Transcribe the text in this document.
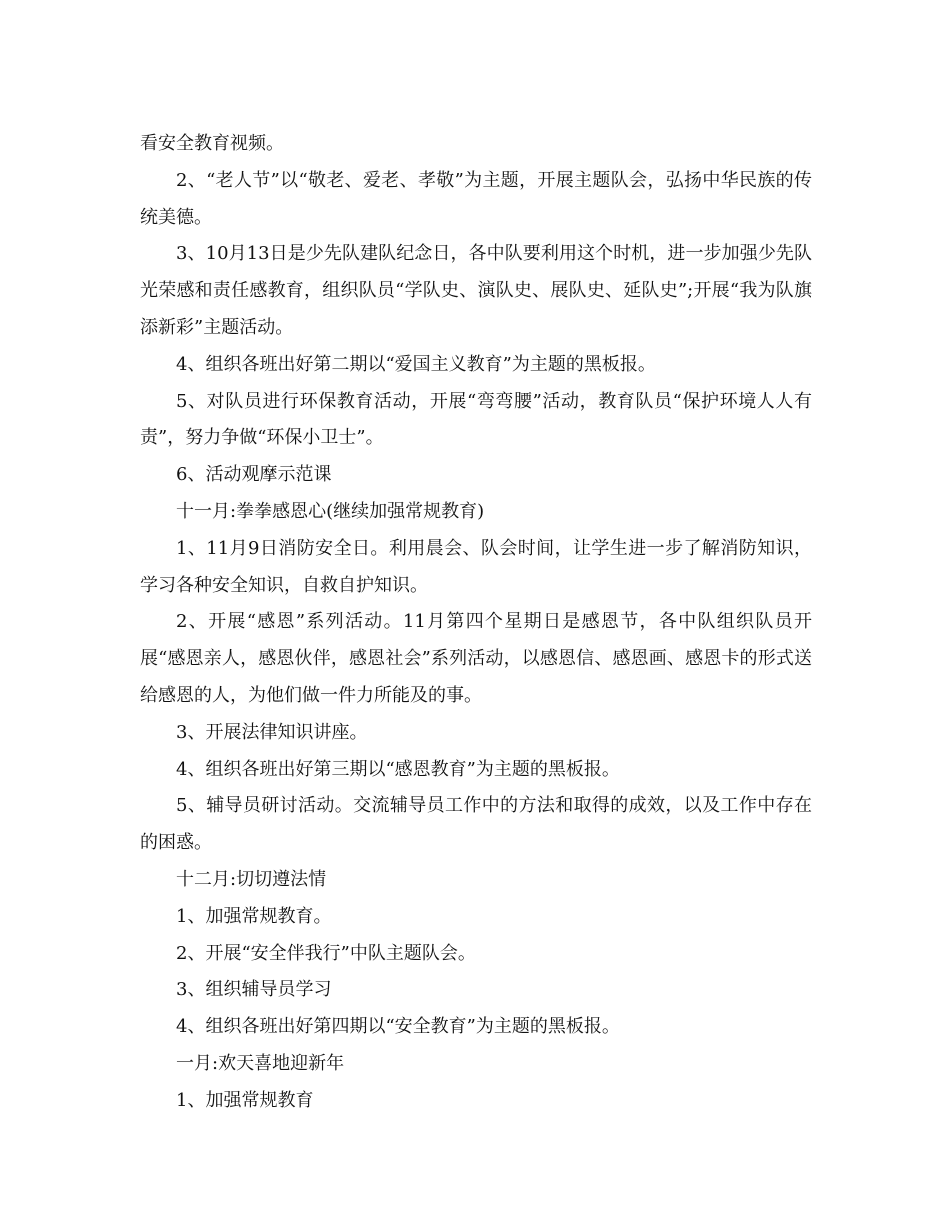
看安全教育视频。

2、“老人节”以“敬老、爱老、孝敬”为主题，开展主题队会，弘扬中华民族的传统美德。

3、10月13日是少先队建队纪念日，各中队要利用这个时机，进一步加强少先队光荣感和责任感教育，组织队员“学队史、演队史、展队史、延队史”;开展“我为队旗添新彩”主题活动。

4、组织各班出好第二期以“爱国主义教育”为主题的黑板报。

5、对队员进行环保教育活动，开展“弯弯腰”活动，教育队员“保护环境人人有责”，努力争做“环保小卫士”。

6、活动观摩示范课

十一月:拳拳感恩心(继续加强常规教育)

1、11月9日消防安全日。利用晨会、队会时间，让学生进一步了解消防知识，学习各种安全知识，自救自护知识。

2、开展“感恩”系列活动。11月第四个星期日是感恩节，各中队组织队员开展“感恩亲人，感恩伙伴，感恩社会”系列活动，以感恩信、感恩画、感恩卡的形式送给感恩的人，为他们做一件力所能及的事。

3、开展法律知识讲座。

4、组织各班出好第三期以“感恩教育”为主题的黑板报。

5、辅导员研讨活动。交流辅导员工作中的方法和取得的成效，以及工作中存在的困惑。

十二月:切切遵法情

1、加强常规教育。

2、开展“安全伴我行”中队主题队会。

3、组织辅导员学习

4、组织各班出好第四期以“安全教育”为主题的黑板报。

一月:欢天喜地迎新年

1、加强常规教育
